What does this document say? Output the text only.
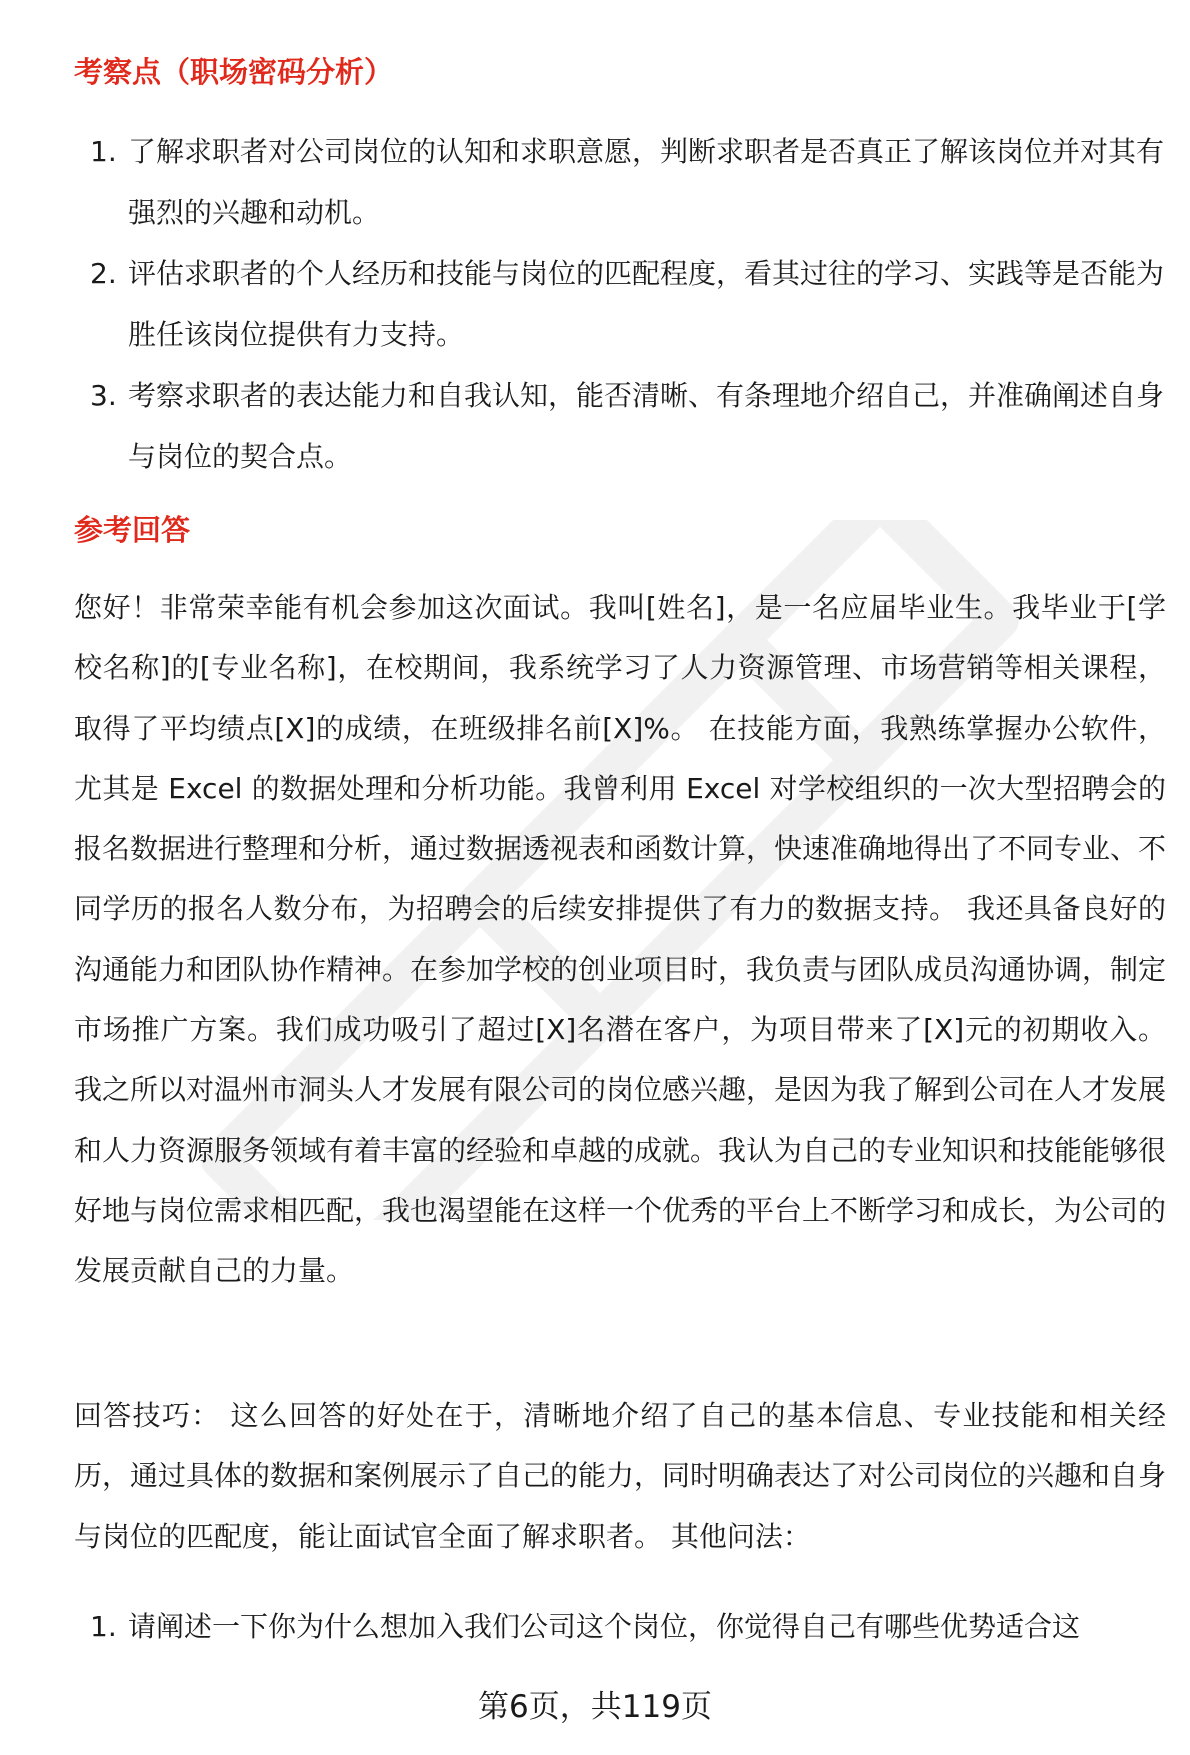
考察点（职场密码分析）
1. 了解求职者对公司岗位的认知和求职意愿，判断求职者是否真正了解该岗位并对其有强烈的兴趣和动机。
2. 评估求职者的个人经历和技能与岗位的匹配程度，看其过往的学习、实践等是否能为胜任该岗位提供有力支持。
3. 考察求职者的表达能力和自我认知，能否清晰、有条理地介绍自己，并准确阐述自身与岗位的契合点。
参考回答

您好！非常荣幸能有机会参加这次面试。我叫[姓名]，是一名应届毕业生。我毕业于[学校名称]的[专业名称]，在校期间，我系统学习了人力资源管理、市场营销等相关课程，取得了平均绩点[X]的成绩，在班级排名前[X]%。 在技能方面，我熟练掌握办公软件，尤其是 Excel 的数据处理和分析功能。我曾利用 Excel 对学校组织的一次大型招聘会的报名数据进行整理和分析，通过数据透视表和函数计算，快速准确地得出了不同专业、不同学历的报名人数分布，为招聘会的后续安排提供了有力的数据支持。 我还具备良好的沟通能力和团队协作精神。在参加学校的创业项目时，我负责与团队成员沟通协调，制定市场推广方案。我们成功吸引了超过[X]名潜在客户，为项目带来了[X]元的初期收入。 我之所以对温州市洞头人才发展有限公司的岗位感兴趣，是因为我了解到公司在人才发展和人力资源服务领域有着丰富的经验和卓越的成就。我认为自己的专业知识和技能能够很好地与岗位需求相匹配，我也渴望能在这样一个优秀的平台上不断学习和成长，为公司的发展贡献自己的力量。

回答技巧： 这么回答的好处在于，清晰地介绍了自己的基本信息、专业技能和相关经历，通过具体的数据和案例展示了自己的能力，同时明确表达了对公司岗位的兴趣和自身与岗位的匹配度，能让面试官全面了解求职者。 其他问法：

1. 请阐述一下你为什么想加入我们公司这个岗位，你觉得自己有哪些优势适合这
第6页，共119页
